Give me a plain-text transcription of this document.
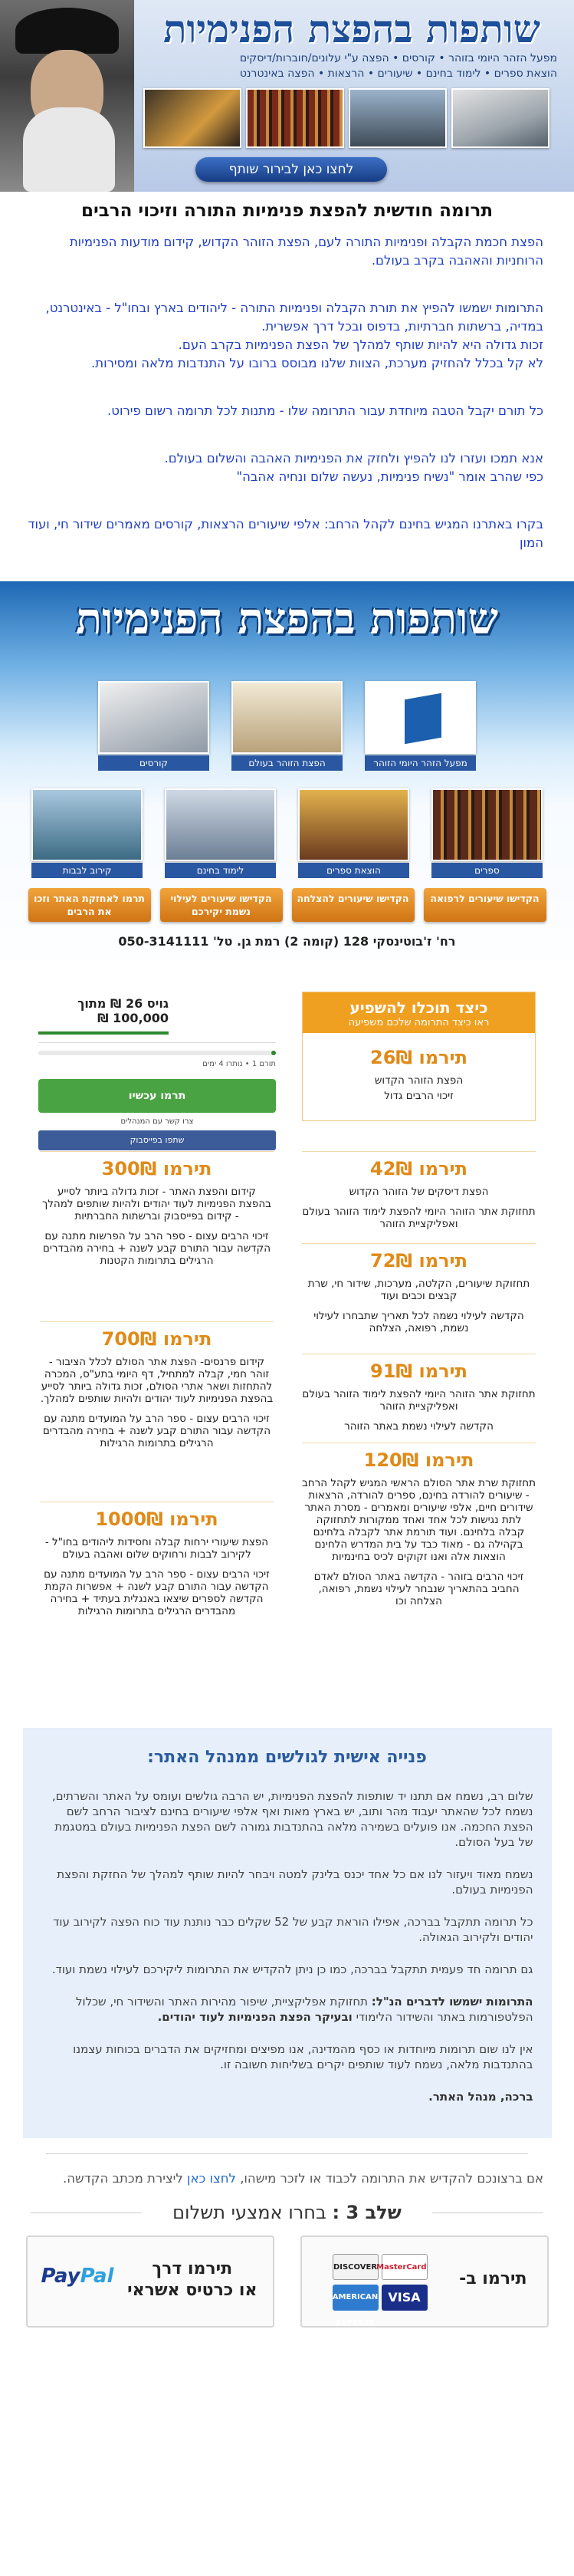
שותפות בהפצת הפנימיות
מפעל הזהר היומי בזוהר • קורסים • הפצה ע"י עלונים/חוברות/דיסקים
הוצאת ספרים • לימוד בחינם • שיעורים • הרצאות • הפצה באינטרנט
לחצו כאן לבירור שותף
תרומה חודשית להפצת פנימיות התורה וזיכוי הרבים

הפצת חכמת הקבלה ופנימיות התורה לעם, הפצת הזוהר הקדוש, קידום מודעות הפנימיות הרוחניות והאהבה בקרב בעולם.

התרומות ישמשו להפיץ את תורת הקבלה ופנימיות התורה - ליהודים בארץ ובחו"ל - באינטרנט, במדיה, ברשתות חברתיות, בדפוס ובכל דרך אפשרית.

זכות גדולה היא להיות שותף למהלך של הפצת הפנימיות בקרב העם.

לא קל בכלל להחזיק מערכת, הצוות שלנו מבוסס ברובו על התנדבות מלאה ומסירות.

כל תורם יקבל הטבה מיוחדת עבור התרומה שלו - מתנות לכל תרומה רשום פירוט.

אנא תמכו ועזרו לנו להפיץ ולחזק את הפנימיות האהבה והשלום בעולם.

כפי שהרב אומר "נשיח פנימיות, נעשה שלום ונחיה אהבה"

בקרו באתרנו המגיש בחינם לקהל הרחב: אלפי שיעורים הרצאות, קורסים מאמרים שידור חי, ועוד המון

שותפות בהפצת הפנימיות
מפעל הזהר היומי הזוהר
הפצת הזוהר בעולם
קורסים
ספרים
הוצאת ספרים
לימוד בחינם
קירוב לבבות
הקדישו שיעורים לרפואה
הקדישו שיעורים להצלחה
הקדישו שיעורים לעילוי נשמת יקירכם
תרמו לאחזקת האתר וזכו את הרבים
רח' ז'בוטינסקי 128 (קומה 2) רמת גן. טל' 050-3141111
גויס 26 ₪ מתוך 100,000 ₪
תורם 1 • נותרו 4 ימים
תרמו עכשיו
צרו קשר עם המנהלים
שתפו בפייסבוק
כיצד תוכלו להשפיע
ראו כיצד התרומה שלכם משפיעה
תירמו 26₪

הפצת הזוהר הקדוש

זיכוי הרבים גדול

תירמו 42₪

הפצת דיסקים של הזוהר הקדוש

תחזוקת אתר הזוהר היומי להפצת לימוד הזוהר בעולם ואפליקציית הזוהר

תירמו 72₪

תחזוקת שיעורים, הקלטה, מערכות, שידור חי, שרת קבצים וכבים ועוד

הקדשה לעילוי נשמה לכל תאריך שתבחרו לעילוי נשמת, רפואה, הצלחה

תירמו 91₪

תחזוקת אתר הזוהר היומי להפצת לימוד הזוהר בעולם ואפליקציית הזוהר

הקדשה לעילוי נשמת באתר הזוהר

תירמו 120₪

תחזוקת שרת אתר הסולם הראשי המגיש לקהל הרחב - שיעורים להורדה בחינם, ספרים להורדה, הרצאות שידורים חיים, אלפי שיעורים ומאמרים - מסרת האתר לתת נגישות לכל אחד ואחד ממקורות לתחזוקה קבלה בלחינם. ועוד תורמת אתר לקבלה בלחינם בקהילה גם - מאוד כבד על בית המדרש הלחינם הוצאות אלה ואנו זקוקים לכיס בחינמיות

זיכוי הרבים בזוהר - הקדשה באתר הסולם לאדם החביב בהתאריך שנבחר לעילוי נשמת, רפואה, הצלחה וכו

תירמו 300₪

קידום והפצת האתר - זכות גדולה ביותר לסייע בהפצת הפנימיות לעוד יהודים ולהיות שותפים למהלך - קידום בפייסבוק וברשתות החברתיות

זיכוי הרבים עצום - ספר הרב על הפרשות מתנה עם הקדשה עבור התורם קבע לשנה + בחירה מהבדרים הרגילים בתרומות הקטנות

תירמו 700₪

קידום פרנסים- הפצת אתר הסולם לכלל הציבור - זוהר חמי, קבלה למתחיל, דף היומי בתע"ס, המכרה להתחזות ושאר אתרי הסולם, זכות גדולה ביותר לסייע בהפצת הפנימיות לעוד יהודים ולהיות שותפים למהלך.

זיכוי הרבים עצום - ספר הרב על המועדים מתנה עם הקדשה עבור התורם קבע לשנה + בחירה מהבדרים הרגילים בתרומות הרגילות

תירמו 1000₪

הפצת שיעורי ירחות קבלה וחסידות ליהודים בחו"ל - לקירוב לבבות ורחוקים שלום ואהבה בעולם

זיכוי הרבים עצום - ספר הרב על המועדים מתנה עם הקדשה עבור התורם קבע לשנה + אפשרות הקמת הקדשה לספרים שיצאו באנגלית בעתיד + בחירה מהבדרים הרגילים בתרומות הרגילות

פנייה אישית לגולשים ממנהל האתר:

שלום רב, נשמח אם תתנו יד שותפות להפצת הפנימיות, יש הרבה גולשים ועומס על האתר והשרתים, נשמח לכל שהאתר יעבוד מהר ותוב, יש בארץ מאות ואף אלפי שיעורים בחינם לציבור הרחב לשם הפצת החכמה. אנו פועלים בשמירה מלאה בהתנדבות גמורה לשם הפצת הפנימיות בעולם במטגמת של בעל הסולם.

נשמח מאוד ויעזור לנו אם כל אחד יכנס בלינק למטה ויבחר להיות שותף למהלך של החזקת והפצת הפנימיות בעולם.

כל תרומה תתקבל בברכה, אפילו הוראת קבע של 52 שקלים כבר נותנת עוד כוח הפצה לקירוב עוד יהודים ולקירוב הגאולה.

גם תרומה חד פעמית תתקבל בברכה, כמו כן ניתן להקדיש את התרומות ליקירכם לעילוי נשמת ועוד.

התרומות ישמשו לדברים הנ"ל: תחזוקת אפליקציית, שיפור מהירות האתר והשידור חי, שכלול הפלטפורמות באתר והשידור הלימודי ובעיקר הפצת הפנימיות לעוד יהודים.

אין לנו שום תרומות מיוחדות או כסף מהמדינה, אנו מפיצים ומחזיקים את הדברים בכוחות עצמנו בהתנדבות מלאה, נשמח לעוד שותפים יקרים בשליחות חשובה זו.

ברכה, מנהל האתר.

אם ברצונכם להקדיש את התרומה לכבוד או לזכר מישהו, לחצו כאן ליצירת מכתב הקדשה.
שלב 3 : בחרו אמצעי תשלום
תירמו ב-
DISCOVER MasterCard
AMERICAN EXPRESS
VISA
תירמו דרך
או כרטיס אשראי
PayPal
